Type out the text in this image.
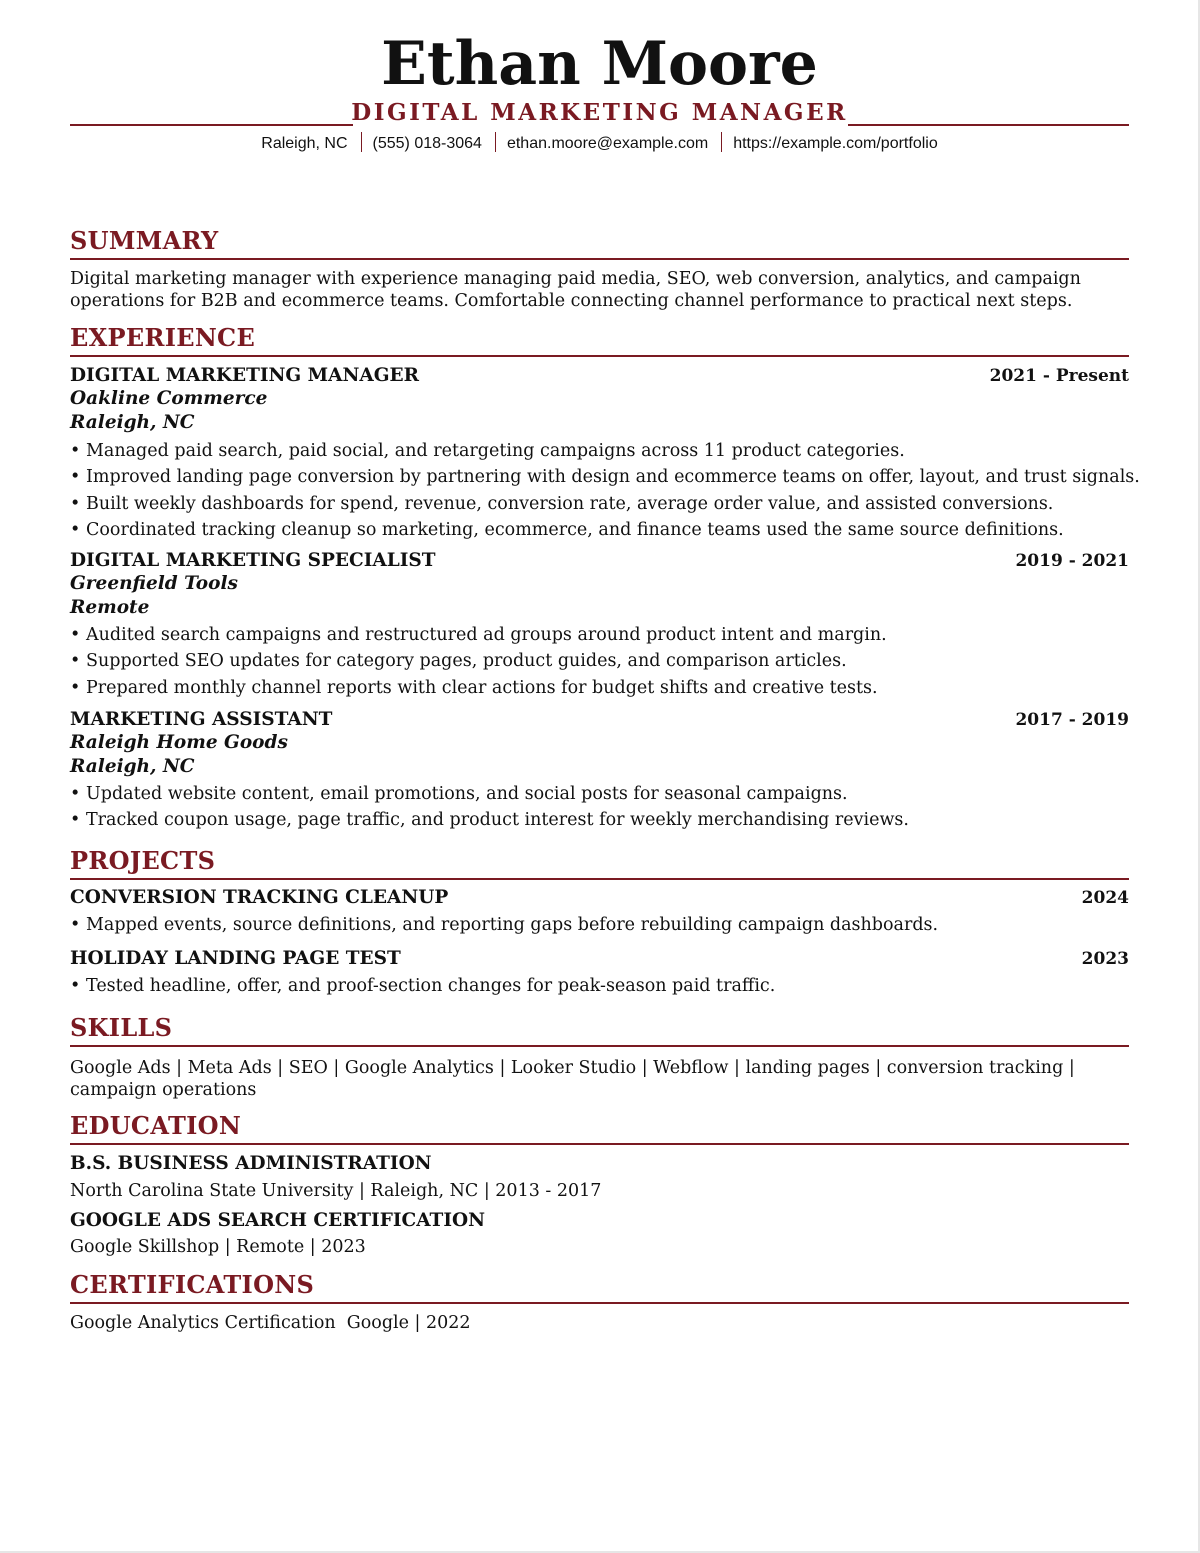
Ethan Moore
DIGITAL MARKETING MANAGER
Raleigh, NC (555) 018-3064 ethan.moore@example.com https://example.com/portfolio
SUMMARY
Digital marketing manager with experience managing paid media, SEO, web conversion, analytics, and campaign operations for B2B and ecommerce teams. Comfortable connecting channel performance to practical next steps.
EXPERIENCE
DIGITAL MARKETING MANAGER	2021 - Present
Oakline Commerce
Raleigh, NC
• Managed paid search, paid social, and retargeting campaigns across 11 product categories.
• Improved landing page conversion by partnering with design and ecommerce teams on offer, layout, and trust signals.
• Built weekly dashboards for spend, revenue, conversion rate, average order value, and assisted conversions.
• Coordinated tracking cleanup so marketing, ecommerce, and finance teams used the same source definitions.
DIGITAL MARKETING SPECIALIST	2019 - 2021
Greenfield Tools
Remote
• Audited search campaigns and restructured ad groups around product intent and margin.
• Supported SEO updates for category pages, product guides, and comparison articles.
• Prepared monthly channel reports with clear actions for budget shifts and creative tests.
MARKETING ASSISTANT	2017 - 2019
Raleigh Home Goods
Raleigh, NC
• Updated website content, email promotions, and social posts for seasonal campaigns.
• Tracked coupon usage, page traffic, and product interest for weekly merchandising reviews.
PROJECTS
CONVERSION TRACKING CLEANUP	2024
• Mapped events, source definitions, and reporting gaps before rebuilding campaign dashboards.
HOLIDAY LANDING PAGE TEST	2023
• Tested headline, offer, and proof-section changes for peak-season paid traffic.
SKILLS
Google Ads | Meta Ads | SEO | Google Analytics | Looker Studio | Webflow | landing pages | conversion tracking | campaign operations
EDUCATION
B.S. BUSINESS ADMINISTRATION
North Carolina State University | Raleigh, NC | 2013 - 2017
GOOGLE ADS SEARCH CERTIFICATION
Google Skillshop | Remote | 2023
CERTIFICATIONS
Google Analytics Certification  Google | 2022
